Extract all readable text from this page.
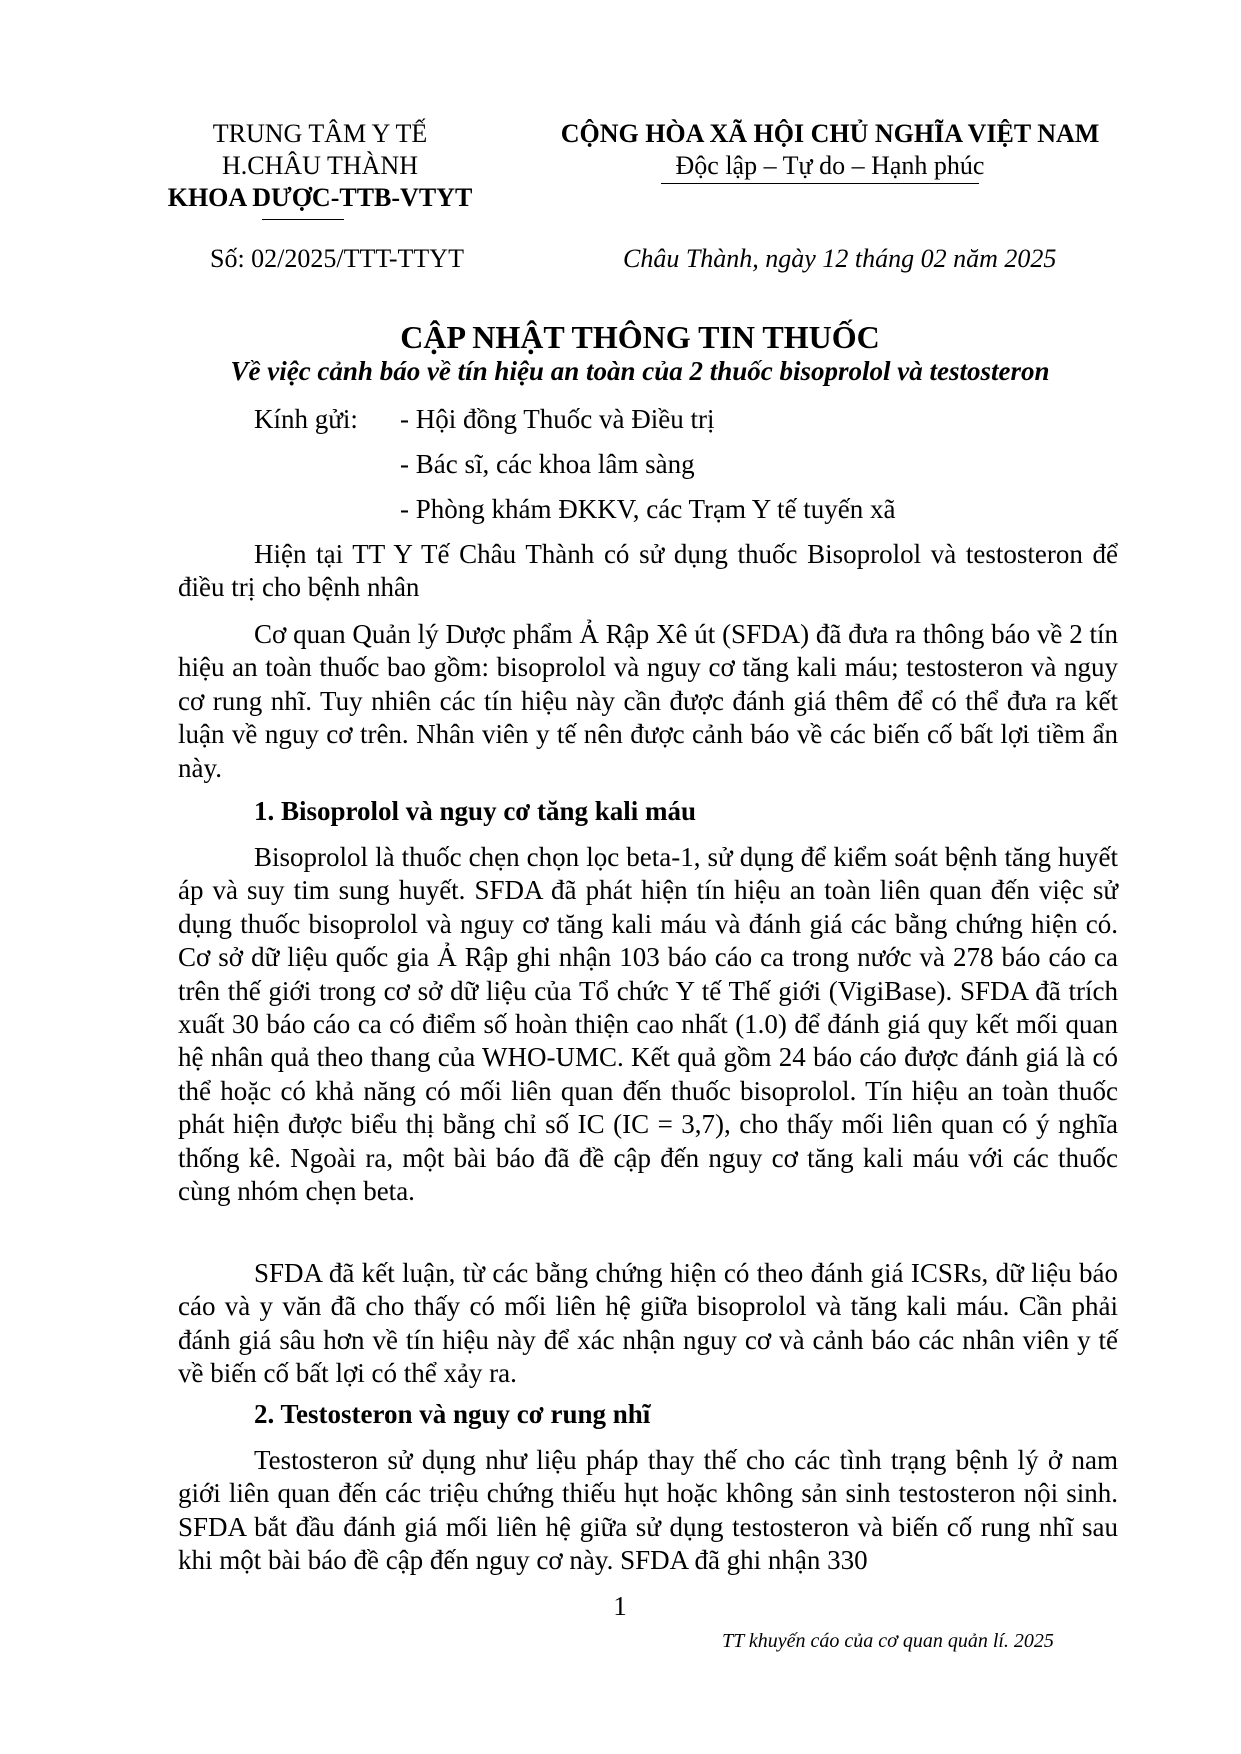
TRUNG TÂM Y TẾ
H.CHÂU THÀNH
KHOA DƯỢC-TTB-VTYT
CỘNG HÒA XÃ HỘI CHỦ NGHĨA VIỆT NAM
Độc lập – Tự do – Hạnh phúc
Số: 02/2025/TTT-TTYT	Châu Thành, ngày 12 tháng 02 năm 2025
CẬP NHẬT THÔNG TIN THUỐC
Về việc cảnh báo về tín hiệu an toàn của 2 thuốc bisoprolol và testosteron
Kính gửi: - Hội đồng Thuốc và Điều trị
- Bác sĩ, các khoa lâm sàng
- Phòng khám ĐKKV, các Trạm Y tế tuyến xã
Hiện tại TT Y Tế Châu Thành có sử dụng thuốc Bisoprolol và testosteron để điều trị cho bệnh nhân
Cơ quan Quản lý Dược phẩm Ả Rập Xê út (SFDA) đã đưa ra thông báo về 2 tín hiệu an toàn thuốc bao gồm: bisoprolol và nguy cơ tăng kali máu; testosteron và nguy cơ rung nhĩ. Tuy nhiên các tín hiệu này cần được đánh giá thêm để có thể đưa ra kết luận về nguy cơ trên. Nhân viên y tế nên được cảnh báo về các biến cố bất lợi tiềm ẩn này.
1. Bisoprolol và nguy cơ tăng kali máu
Bisoprolol là thuốc chẹn chọn lọc beta-1, sử dụng để kiểm soát bệnh tăng huyết áp và suy tim sung huyết. SFDA đã phát hiện tín hiệu an toàn liên quan đến việc sử dụng thuốc bisoprolol và nguy cơ tăng kali máu và đánh giá các bằng chứng hiện có. Cơ sở dữ liệu quốc gia Ả Rập ghi nhận 103 báo cáo ca trong nước và 278 báo cáo ca trên thế giới trong cơ sở dữ liệu của Tổ chức Y tế Thế giới (VigiBase). SFDA đã trích xuất 30 báo cáo ca có điểm số hoàn thiện cao nhất (1.0) để đánh giá quy kết mối quan hệ nhân quả theo thang của WHO-UMC. Kết quả gồm 24 báo cáo được đánh giá là có thể hoặc có khả năng có mối liên quan đến thuốc bisoprolol. Tín hiệu an toàn thuốc phát hiện được biểu thị bằng chỉ số IC (IC = 3,7), cho thấy mối liên quan có ý nghĩa thống kê. Ngoài ra, một bài báo đã đề cập đến nguy cơ tăng kali máu với các thuốc cùng nhóm chẹn beta.
SFDA đã kết luận, từ các bằng chứng hiện có theo đánh giá ICSRs, dữ liệu báo cáo và y văn đã cho thấy có mối liên hệ giữa bisoprolol và tăng kali máu. Cần phải đánh giá sâu hơn về tín hiệu này để xác nhận nguy cơ và cảnh báo các nhân viên y tế về biến cố bất lợi có thể xảy ra.
2. Testosteron và nguy cơ rung nhĩ
Testosteron sử dụng như liệu pháp thay thế cho các tình trạng bệnh lý ở nam giới liên quan đến các triệu chứng thiếu hụt hoặc không sản sinh testosteron nội sinh. SFDA bắt đầu đánh giá mối liên hệ giữa sử dụng testosteron và biến cố rung nhĩ sau khi một bài báo đề cập đến nguy cơ này. SFDA đã ghi nhận 330
1
TT khuyến cáo của cơ quan quản lí. 2025
